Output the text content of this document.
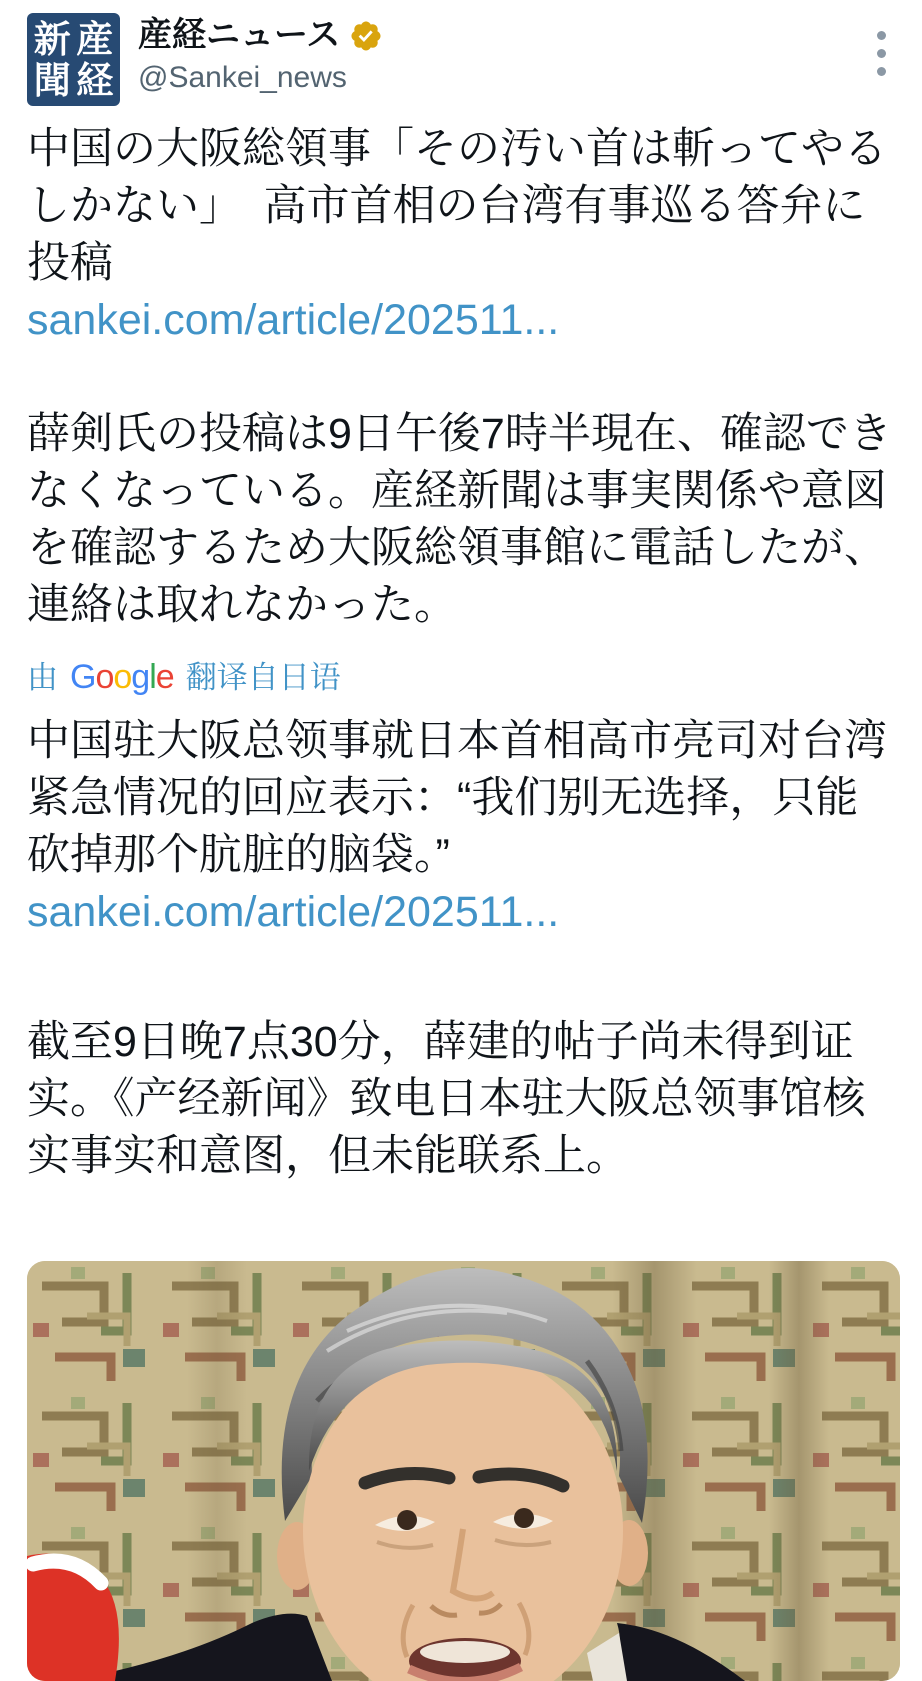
新 産
聞 経
産経ニュース
@Sankei_news

中国の大阪総領事「その汚い首は斬ってやるしかない」　高市首相の台湾有事巡る答弁に投稿

sankei.com/article/202511...

薛剣氏の投稿は9日午後7時半現在、確認できなくなっている。産経新聞は事実関係や意図を確認するため大阪総領事館に電話したが、連絡は取れなかった。

由 Google 翻译自日语

中国驻大阪总领事就日本首相高市亮司对台湾紧急情况的回应表示：“我们别无选择，只能砍掉那个肮脏的脑袋。”

sankei.com/article/202511...

截至9日晚7点30分，薛建的帖子尚未得到证实。《产经新闻》致电日本驻大阪总领事馆核实事实和意图，但未能联系上。
